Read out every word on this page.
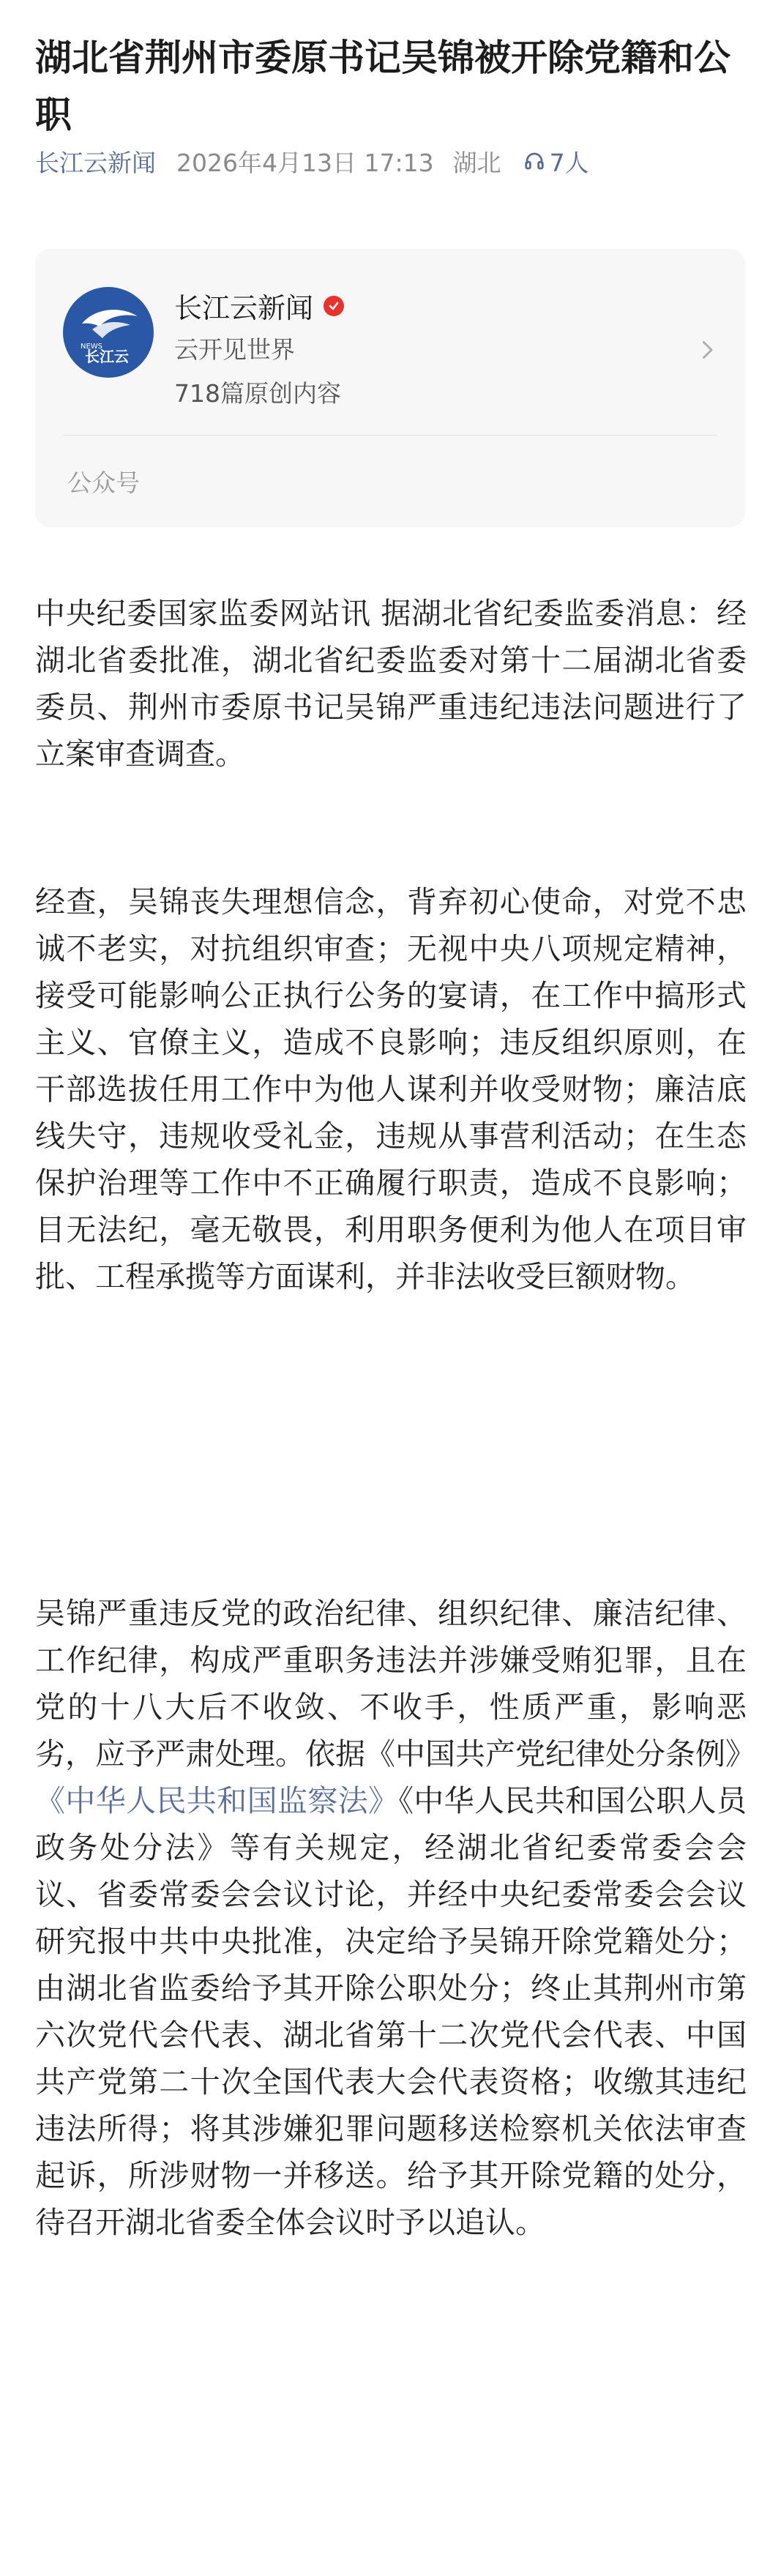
湖北省荆州市委原书记吴锦被开除党籍和公职
长江云新闻 2026年4月13日 17:13 湖北 7人
NEWS
长江云
长江云新闻
云开见世界
718篇原创内容
公众号

中央纪委国家监委网站讯 据湖北省纪委监委消息：经湖北省委批准，湖北省纪委监委对第十二届湖北省委委员、荆州市委原书记吴锦严重违纪违法问题进行了立案审查调查。

经查，吴锦丧失理想信念，背弃初心使命，对党不忠诚不老实，对抗组织审查；无视中央八项规定精神，接受可能影响公正执行公务的宴请，在工作中搞形式主义、官僚主义，造成不良影响；违反组织原则，在干部选拔任用工作中为他人谋利并收受财物；廉洁底线失守，违规收受礼金，违规从事营利活动；在生态保护治理等工作中不正确履行职责，造成不良影响；目无法纪，毫无敬畏，利用职务便利为他人在项目审批、工程承揽等方面谋利，并非法收受巨额财物。

吴锦严重违反党的政治纪律、组织纪律、廉洁纪律、工作纪律，构成严重职务违法并涉嫌受贿犯罪，且在党的十八大后不收敛、不收手，性质严重，影响恶劣，应予严肃处理。依据《中国共产党纪律处分条例》《中华人民共和国监察法》《中华人民共和国公职人员政务处分法》等有关规定，经湖北省纪委常委会会议、省委常委会会议讨论，并经中央纪委常委会会议研究报中共中央批准，决定给予吴锦开除党籍处分；由湖北省监委给予其开除公职处分；终止其荆州市第六次党代会代表、湖北省第十二次党代会代表、中国共产党第二十次全国代表大会代表资格；收缴其违纪违法所得；将其涉嫌犯罪问题移送检察机关依法审查起诉，所涉财物一并移送。给予其开除党籍的处分，待召开湖北省委全体会议时予以追认。
